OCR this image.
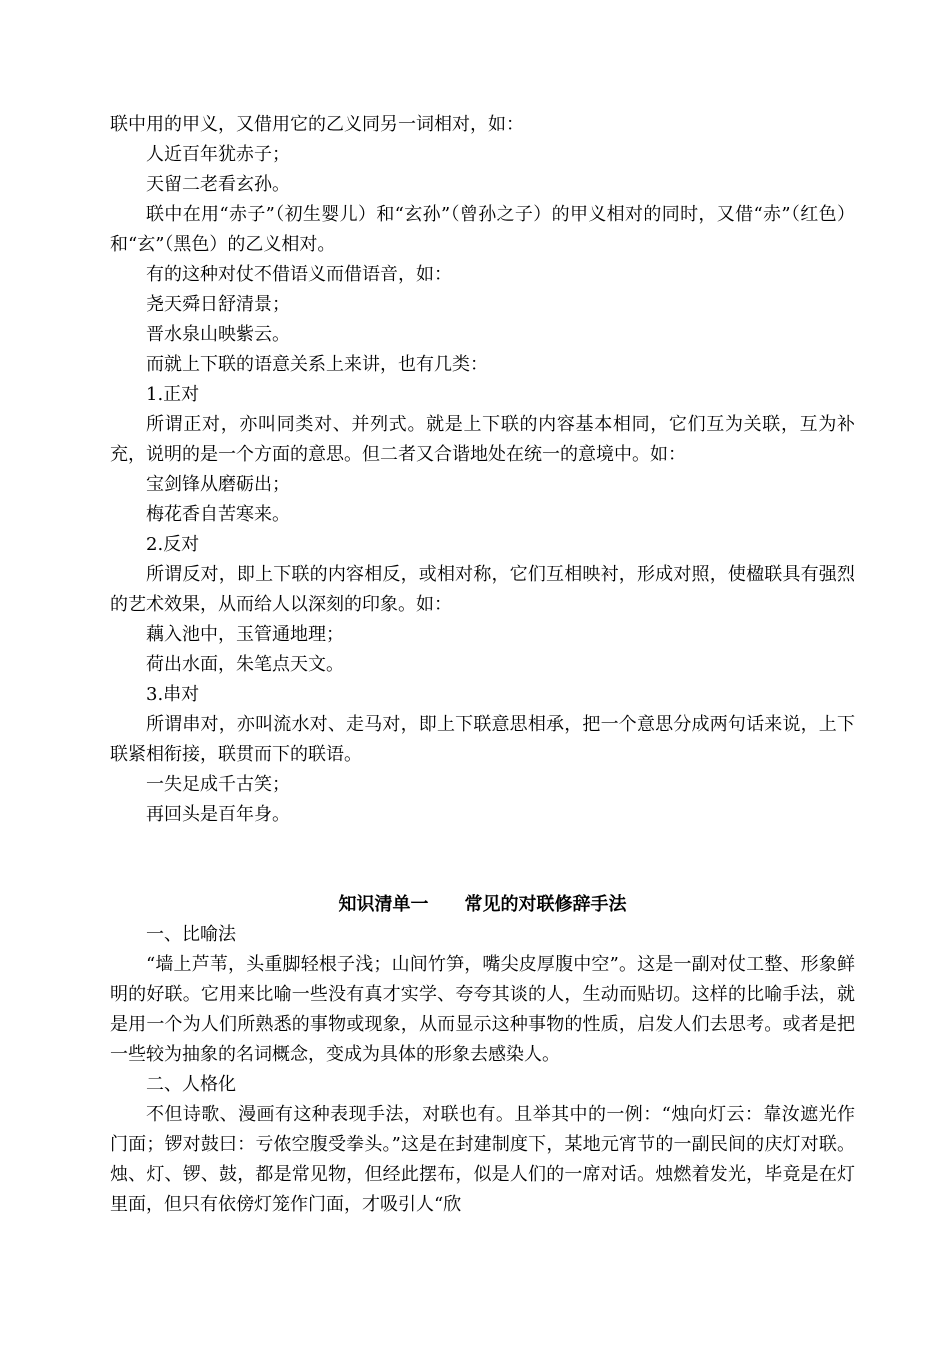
联中用的甲义，又借用它的乙义同另一词相对，如：

人近百年犹赤子；

天留二老看玄孙。

联中在用“赤子”（初生婴儿）和“玄孙”（曾孙之子）的甲义相对的同时，又借“赤”（红色）和“玄”（黑色）的乙义相对。

有的这种对仗不借语义而借语音，如：

尧天舜日舒清景；

晋水泉山映紫云。

而就上下联的语意关系上来讲，也有几类：

1.正对

所谓正对，亦叫同类对、并列式。就是上下联的内容基本相同，它们互为关联，互为补充，说明的是一个方面的意思。但二者又合谐地处在统一的意境中。如：

宝剑锋从磨砺出；

梅花香自苦寒来。

2.反对

所谓反对，即上下联的内容相反，或相对称，它们互相映衬，形成对照，使楹联具有强烈的艺术效果，从而给人以深刻的印象。如：

藕入池中，玉管通地理；

荷出水面，朱笔点天文。

3.串对

所谓串对，亦叫流水对、走马对，即上下联意思相承，把一个意思分成两句话来说，上下联紧相衔接，联贯而下的联语。

一失足成千古笑；

再回头是百年身。

知识清单一 常见的对联修辞手法

一、比喻法

“墙上芦苇，头重脚轻根子浅；山间竹笋，嘴尖皮厚腹中空”。这是一副对仗工整、形象鲜明的好联。它用来比喻一些没有真才实学、夸夸其谈的人，生动而贴切。这样的比喻手法，就是用一个为人们所熟悉的事物或现象，从而显示这种事物的性质，启发人们去思考。或者是把一些较为抽象的名词概念，变成为具体的形象去感染人。

二、人格化

不但诗歌、漫画有这种表现手法，对联也有。且举其中的一例：“烛向灯云：靠汝遮光作门面；锣对鼓曰：亏侬空腹受拳头。”这是在封建制度下，某地元宵节的一副民间的庆灯对联。烛、灯、锣、鼓，都是常见物，但经此摆布，似是人们的一席对话。烛燃着发光，毕竟是在灯里面，但只有依傍灯笼作门面，才吸引人“欣
